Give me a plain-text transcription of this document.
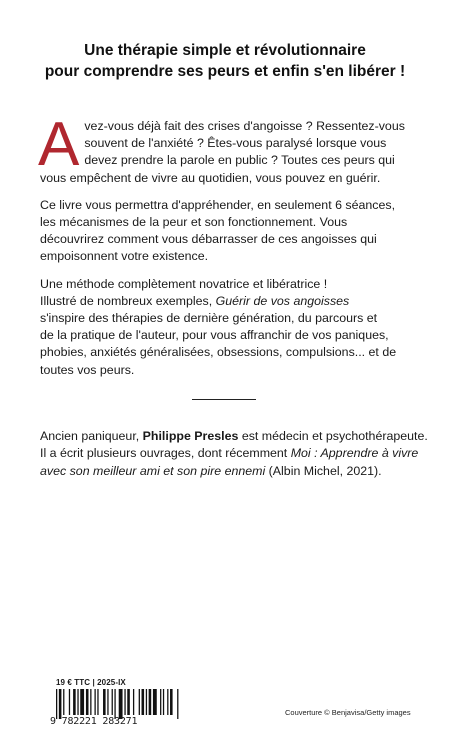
Une thérapie simple et révolutionnaire
pour comprendre ses peurs et enfin s'en libérer !

A vez-vous déjà fait des crises d'angoisse ? Ressentez-vous
souvent de l'anxiété ? Êtes-vous paralysé lorsque vous
devez prendre la parole en public ? Toutes ces peurs qui
vous empêchent de vivre au quotidien, vous pouvez en guérir.

Ce livre vous permettra d'appréhender, en seulement 6 séances,
les mécanismes de la peur et son fonctionnement. Vous
découvrirez comment vous débarrasser de ces angoisses qui
empoisonnent votre existence.

Une méthode complètement novatrice et libératrice !
Illustré de nombreux exemples, Guérir de vos angoisses
s'inspire des thérapies de dernière génération, du parcours et
de la pratique de l'auteur, pour vous affranchir de vos paniques,
phobies, anxiétés généralisées, obsessions, compulsions... et de
toutes vos peurs.

Ancien paniqueur, Philippe Presles est médecin et psychothérapeute.
Il a écrit plusieurs ouvrages, dont récemment Moi : Apprendre à vivre
avec son meilleur ami et son pire ennemi (Albin Michel, 2021).
19 € TTC | 2025-IX
9 782221 283271
Couverture © Benjavisa/Getty images
